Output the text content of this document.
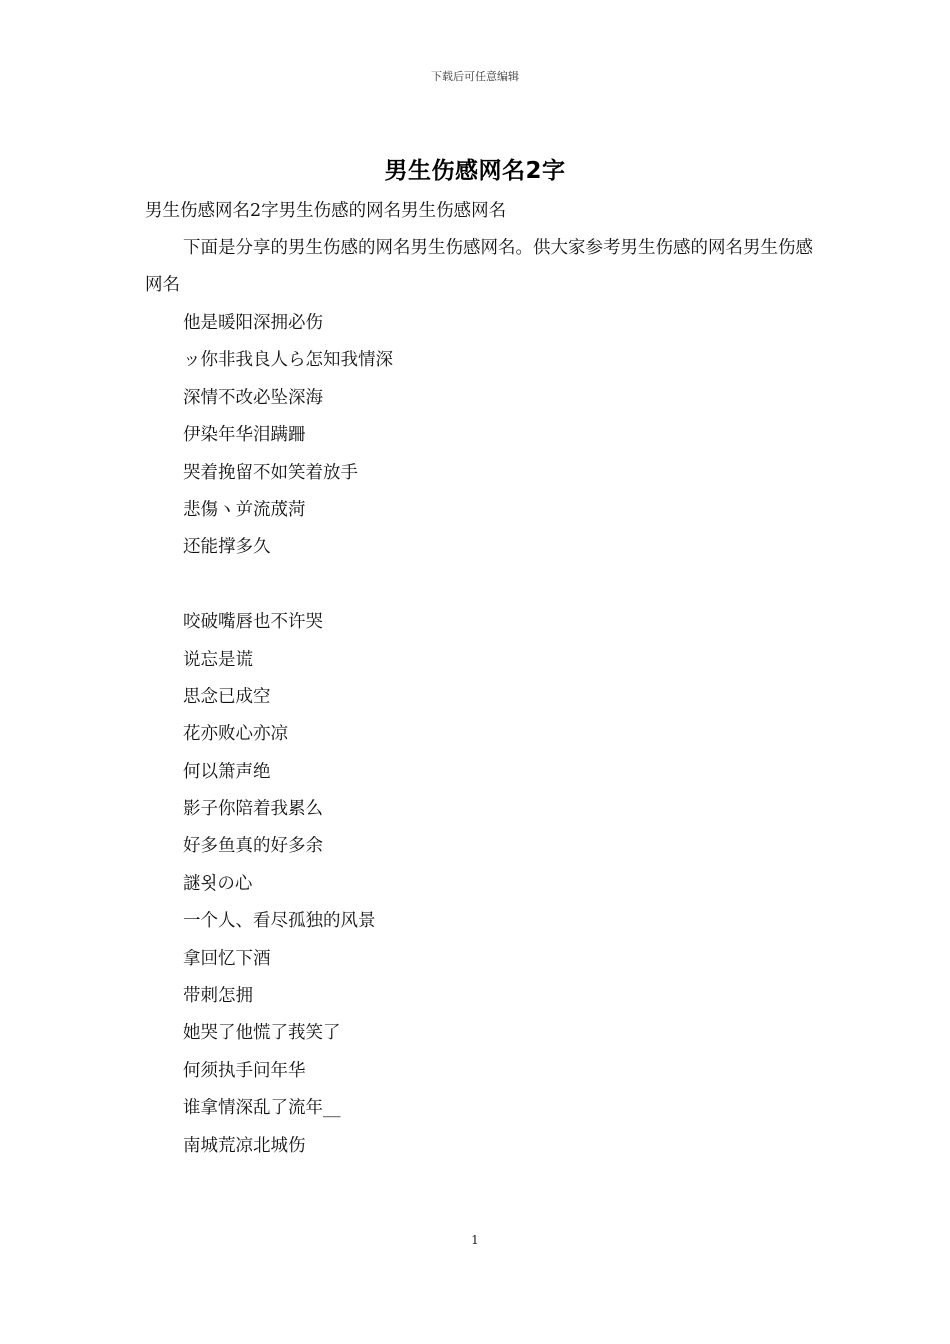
下载后可任意编辑
男生伤感网名2字
男生伤感网名2字男生伤感的网名男生伤感网名
下面是分享的男生伤感的网名男生伤感网名。供大家参考男生伤感的网名男生伤感网名
他是暖阳深拥必伤
ッ你非我良人ら怎知我情深
深情不改必坠深海
伊染年华泪蹒跚
哭着挽留不如笑着放手
悲傷ヽ屰流荿菏
还能撑多久
咬破嘴唇也不许哭
说忘是谎
思念已成空
花亦败心亦凉
何以箫声绝
影子你陪着我累么
好多鱼真的好多余
謎욋の心
一个人、看尽孤独的风景
拿回忆下酒
带刺怎拥
她哭了他慌了莪笑了
何须执手问年华
谁拿情深乱了流年__
南城荒凉北城伤
1
